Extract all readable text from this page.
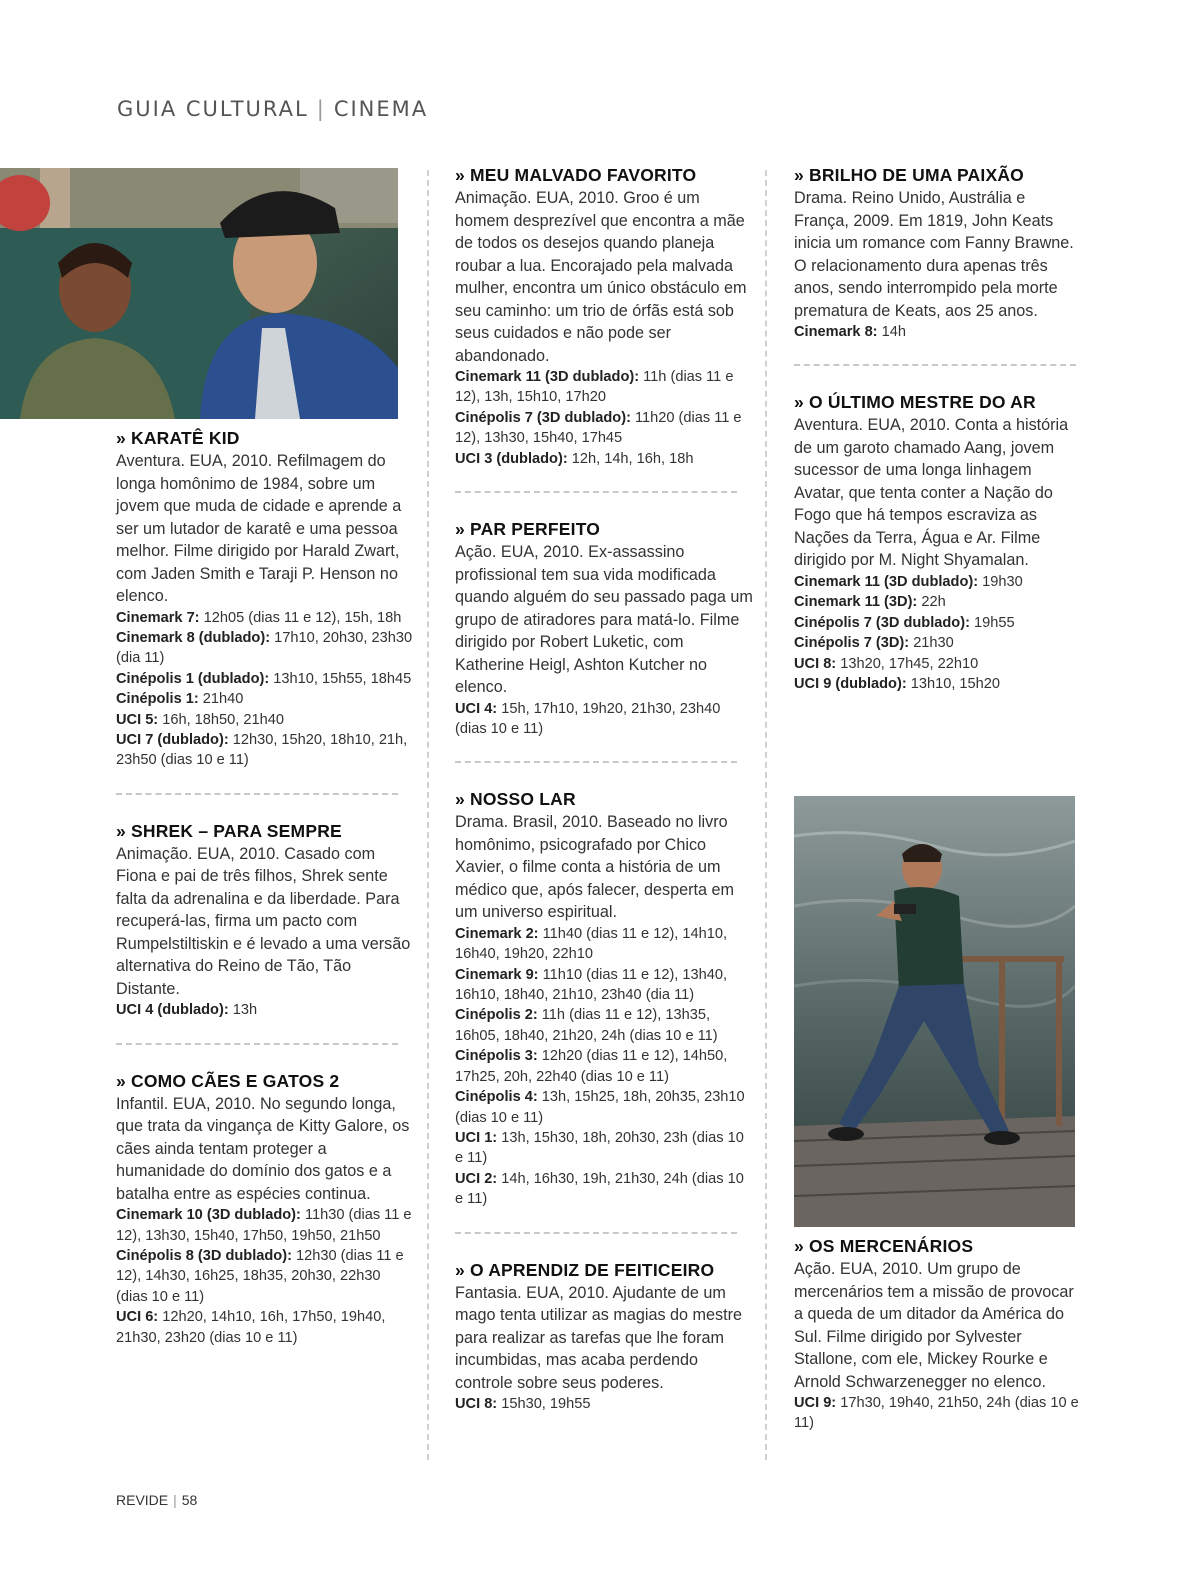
GUIA CULTURAL | CINEMA
» KARATÊ KID

Aventura. EUA, 2010. Refilmagem do longa homônimo de 1984, sobre um jovem que muda de cidade e aprende a ser um lutador de karatê e uma pessoa melhor. Filme dirigido por Harald Zwart, com Jaden Smith e Taraji P. Henson no elenco.

Cinemark 7: 12h05 (dias 11 e 12), 15h, 18h
Cinemark 8 (dublado): 17h10, 20h30, 23h30 (dia 11)
Cinépolis 1 (dublado): 13h10, 15h55, 18h45
Cinépolis 1: 21h40
UCI 5: 16h, 18h50, 21h40
UCI 7 (dublado): 12h30, 15h20, 18h10, 21h, 23h50 (dias 10 e 11)
» SHREK – PARA SEMPRE

Animação. EUA, 2010. Casado com Fiona e pai de três filhos, Shrek sente falta da adrenalina e da liberdade. Para recuperá-las, firma um pacto com Rumpelstiltiskin e é levado a uma versão alternativa do Reino de Tão, Tão Distante.

UCI 4 (dublado): 13h
» COMO CÃES E GATOS 2

Infantil. EUA, 2010. No segundo longa, que trata da vingança de Kitty Galore, os cães ainda tentam proteger a humanidade do domínio dos gatos e a batalha entre as espécies continua.

Cinemark 10 (3D dublado): 11h30 (dias 11 e 12), 13h30, 15h40, 17h50, 19h50, 21h50
Cinépolis 8 (3D dublado): 12h30 (dias 11 e 12), 14h30, 16h25, 18h35, 20h30, 22h30 (dias 10 e 11)
UCI 6: 12h20, 14h10, 16h, 17h50, 19h40, 21h30, 23h20 (dias 10 e 11)
» MEU MALVADO FAVORITO

Animação. EUA, 2010. Groo é um homem desprezível que encontra a mãe de todos os desejos quando planeja roubar a lua. Encorajado pela malvada mulher, encontra um único obstáculo em seu caminho: um trio de órfãs está sob seus cuidados e não pode ser abandonado.

Cinemark 11 (3D dublado): 11h (dias 11 e 12), 13h, 15h10, 17h20
Cinépolis 7 (3D dublado): 11h20 (dias 11 e 12), 13h30, 15h40, 17h45
UCI 3 (dublado): 12h, 14h, 16h, 18h
» PAR PERFEITO

Ação. EUA, 2010. Ex-assassino profissional tem sua vida modificada quando alguém do seu passado paga um grupo de atiradores para matá-lo. Filme dirigido por Robert Luketic, com Katherine Heigl, Ashton Kutcher no elenco.

UCI 4: 15h, 17h10, 19h20, 21h30, 23h40 (dias 10 e 11)
» NOSSO LAR

Drama. Brasil, 2010. Baseado no livro homônimo, psicografado por Chico Xavier, o filme conta a história de um médico que, após falecer, desperta em um universo espiritual.

Cinemark 2: 11h40 (dias 11 e 12), 14h10, 16h40, 19h20, 22h10
Cinemark 9: 11h10 (dias 11 e 12), 13h40, 16h10, 18h40, 21h10, 23h40 (dia 11)
Cinépolis 2: 11h (dias 11 e 12), 13h35, 16h05, 18h40, 21h20, 24h (dias 10 e 11)
Cinépolis 3: 12h20 (dias 11 e 12), 14h50, 17h25, 20h, 22h40 (dias 10 e 11)
Cinépolis 4: 13h, 15h25, 18h, 20h35, 23h10 (dias 10 e 11)
UCI 1: 13h, 15h30, 18h, 20h30, 23h (dias 10 e 11)
UCI 2: 14h, 16h30, 19h, 21h30, 24h (dias 10 e 11)
» O APRENDIZ DE FEITICEIRO

Fantasia. EUA, 2010. Ajudante de um mago tenta utilizar as magias do mestre para realizar as tarefas que lhe foram incumbidas, mas acaba perdendo controle sobre seus poderes.

UCI 8: 15h30, 19h55
» BRILHO DE UMA PAIXÃO

Drama. Reino Unido, Austrália e França, 2009. Em 1819, John Keats inicia um romance com Fanny Brawne. O relacionamento dura apenas três anos, sendo interrompido pela morte prematura de Keats, aos 25 anos.

Cinemark 8: 14h
» O ÚLTIMO MESTRE DO AR

Aventura. EUA, 2010. Conta a história de um garoto chamado Aang, jovem sucessor de uma longa linhagem Avatar, que tenta conter a Nação do Fogo que há tempos escraviza as Nações da Terra, Água e Ar. Filme dirigido por M. Night Shyamalan.

Cinemark 11 (3D dublado): 19h30
Cinemark 11 (3D): 22h
Cinépolis 7 (3D dublado): 19h55
Cinépolis 7 (3D): 21h30
UCI 8: 13h20, 17h45, 22h10
UCI 9 (dublado): 13h10, 15h20
» OS MERCENÁRIOS

Ação. EUA, 2010. Um grupo de mercenários tem a missão de provocar a queda de um ditador da América do Sul. Filme dirigido por Sylvester Stallone, com ele, Mickey Rourke e Arnold Schwarzenegger no elenco.

UCI 9: 17h30, 19h40, 21h50, 24h (dias 10 e 11)
REVIDE | 58
